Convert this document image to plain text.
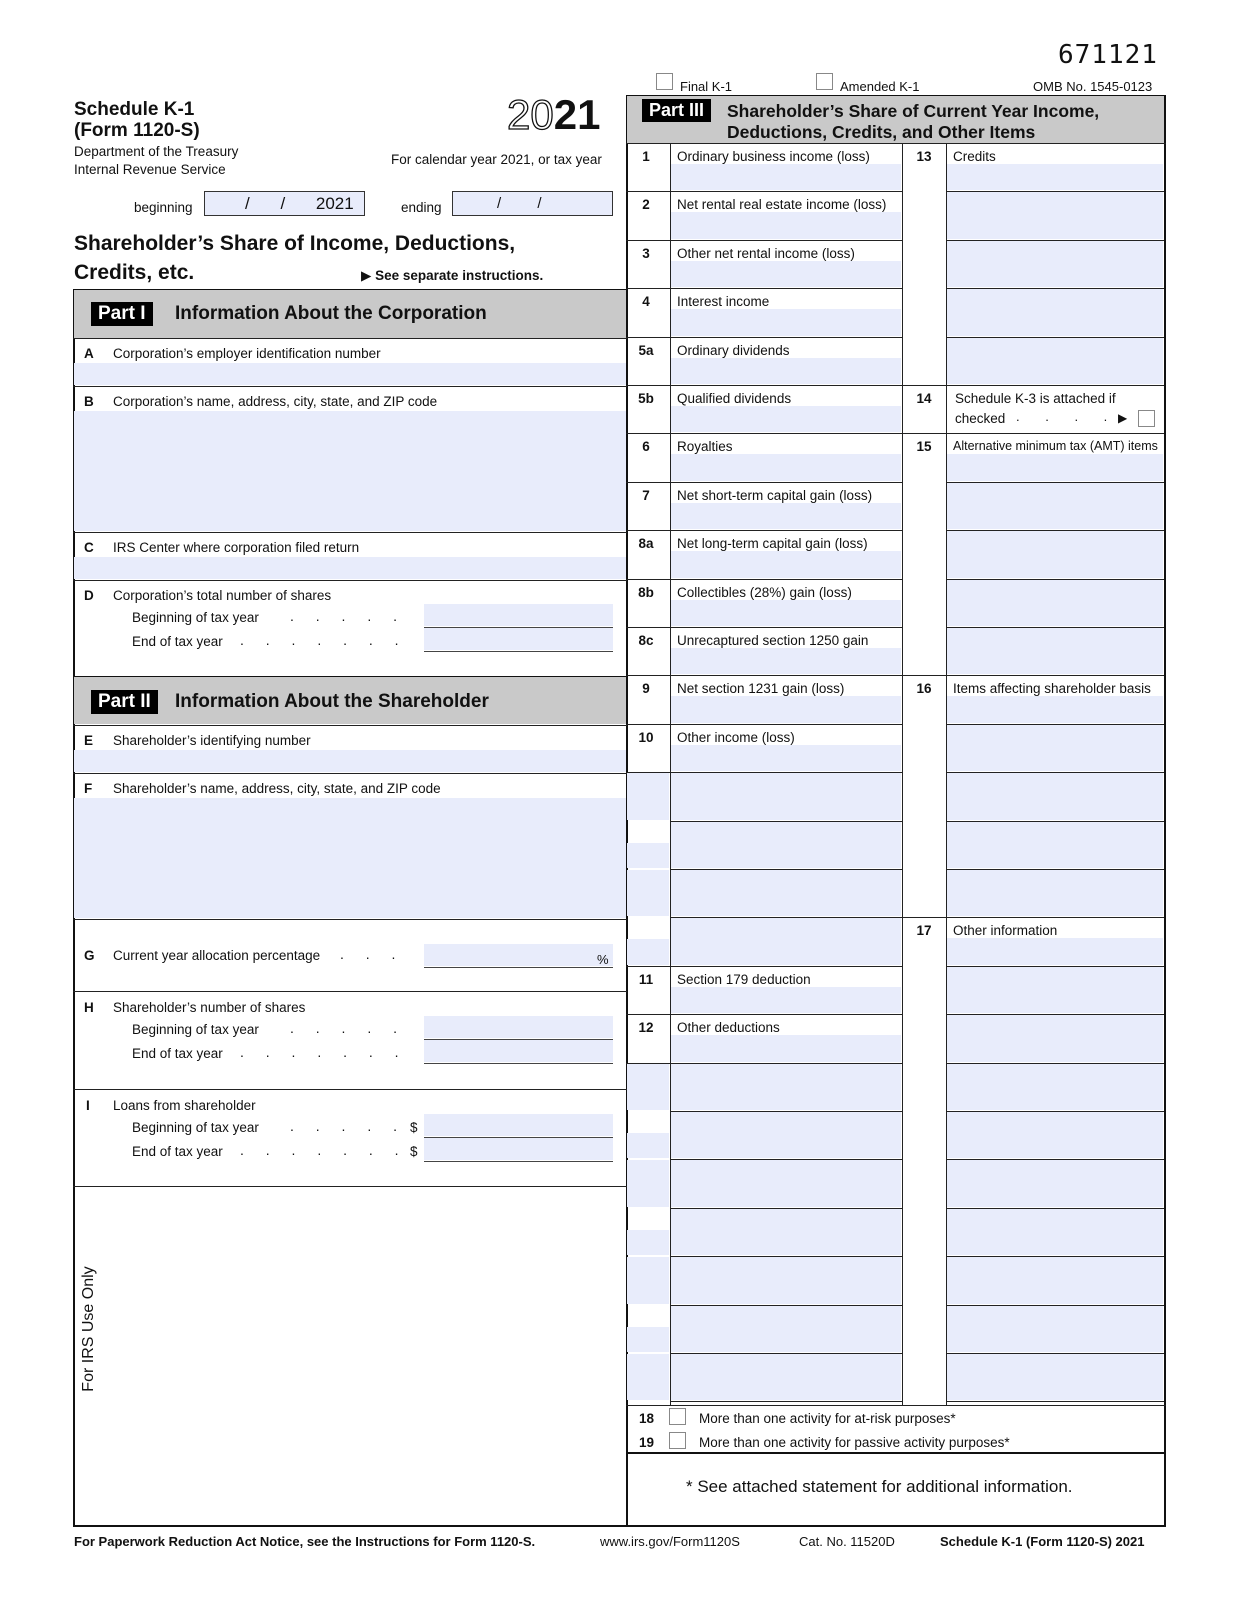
671121
Final K-1	Amended K-1	OMB No. 1545-0123
Schedule K-1
(Form 1120-S)
Department of the Treasury
Internal Revenue Service
2021
For calendar year 2021, or tax year
beginning	/ / 2021	ending	/ /
Shareholder’s Share of Income, Deductions,
Credits, etc.	▶ See separate instructions.
Part I	Information About the Corporation
A Corporation’s employer identification number
B Corporation’s name, address, city, state, and ZIP code
C IRS Center where corporation filed return
D Corporation’s total number of shares
Beginning of tax year . . . . .
End of tax year . . . . . . .
Part II	Information About the Shareholder
E Shareholder’s identifying number
F Shareholder’s name, address, city, state, and ZIP code
G Current year allocation percentage . . .	%
H Shareholder’s number of shares
Beginning of tax year . . . . .
End of tax year . . . . . . .
I Loans from shareholder
Beginning of tax year . . . . . $
End of tax year . . . . . . . $
For IRS Use Only
Part III	Shareholder’s Share of Current Year Income,
Deductions, Credits, and Other Items
1	Ordinary business income (loss)
2	Net rental real estate income (loss)
3	Other net rental income (loss)
4	Interest income
5a	Ordinary dividends
5b	Qualified dividends
6	Royalties
7	Net short-term capital gain (loss)
8a	Net long-term capital gain (loss)
8b	Collectibles (28%) gain (loss)
8c	Unrecaptured section 1250 gain
9	Net section 1231 gain (loss)
10	Other income (loss)
11	Section 179 deduction
12	Other deductions
13	Credits
14	Schedule K-3 is attached if
checked . . . . ▶
15	Alternative minimum tax (AMT) items
16	Items affecting shareholder basis
17	Other information
18	More than one activity for at-risk purposes*
19	More than one activity for passive activity purposes*
* See attached statement for additional information.
For Paperwork Reduction Act Notice, see the Instructions for Form 1120-S.	www.irs.gov/Form1120S	Cat. No. 11520D	Schedule K-1 (Form 1120-S) 2021
